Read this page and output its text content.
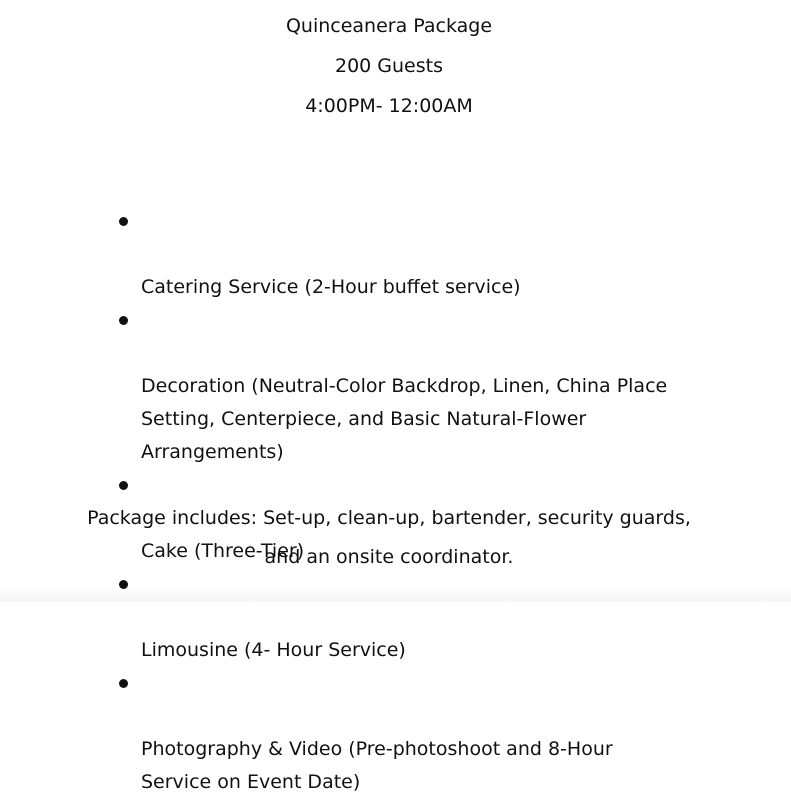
Quinceanera Package
200 Guests
4:00PM- 12:00AM

Catering Service (2-Hour buffet service)

Decoration (Neutral-Color Backdrop, Linen, China Place
Setting, Centerpiece, and Basic Natural-Flower
Arrangements)

Cake (Three-Tier)

Limousine (4- Hour Service)

Photography & Video (Pre-photoshoot and 8-Hour
Service on Event Date)

Package includes: Set-up, clean-up, bartender, security guards,
and an onsite coordinator.
